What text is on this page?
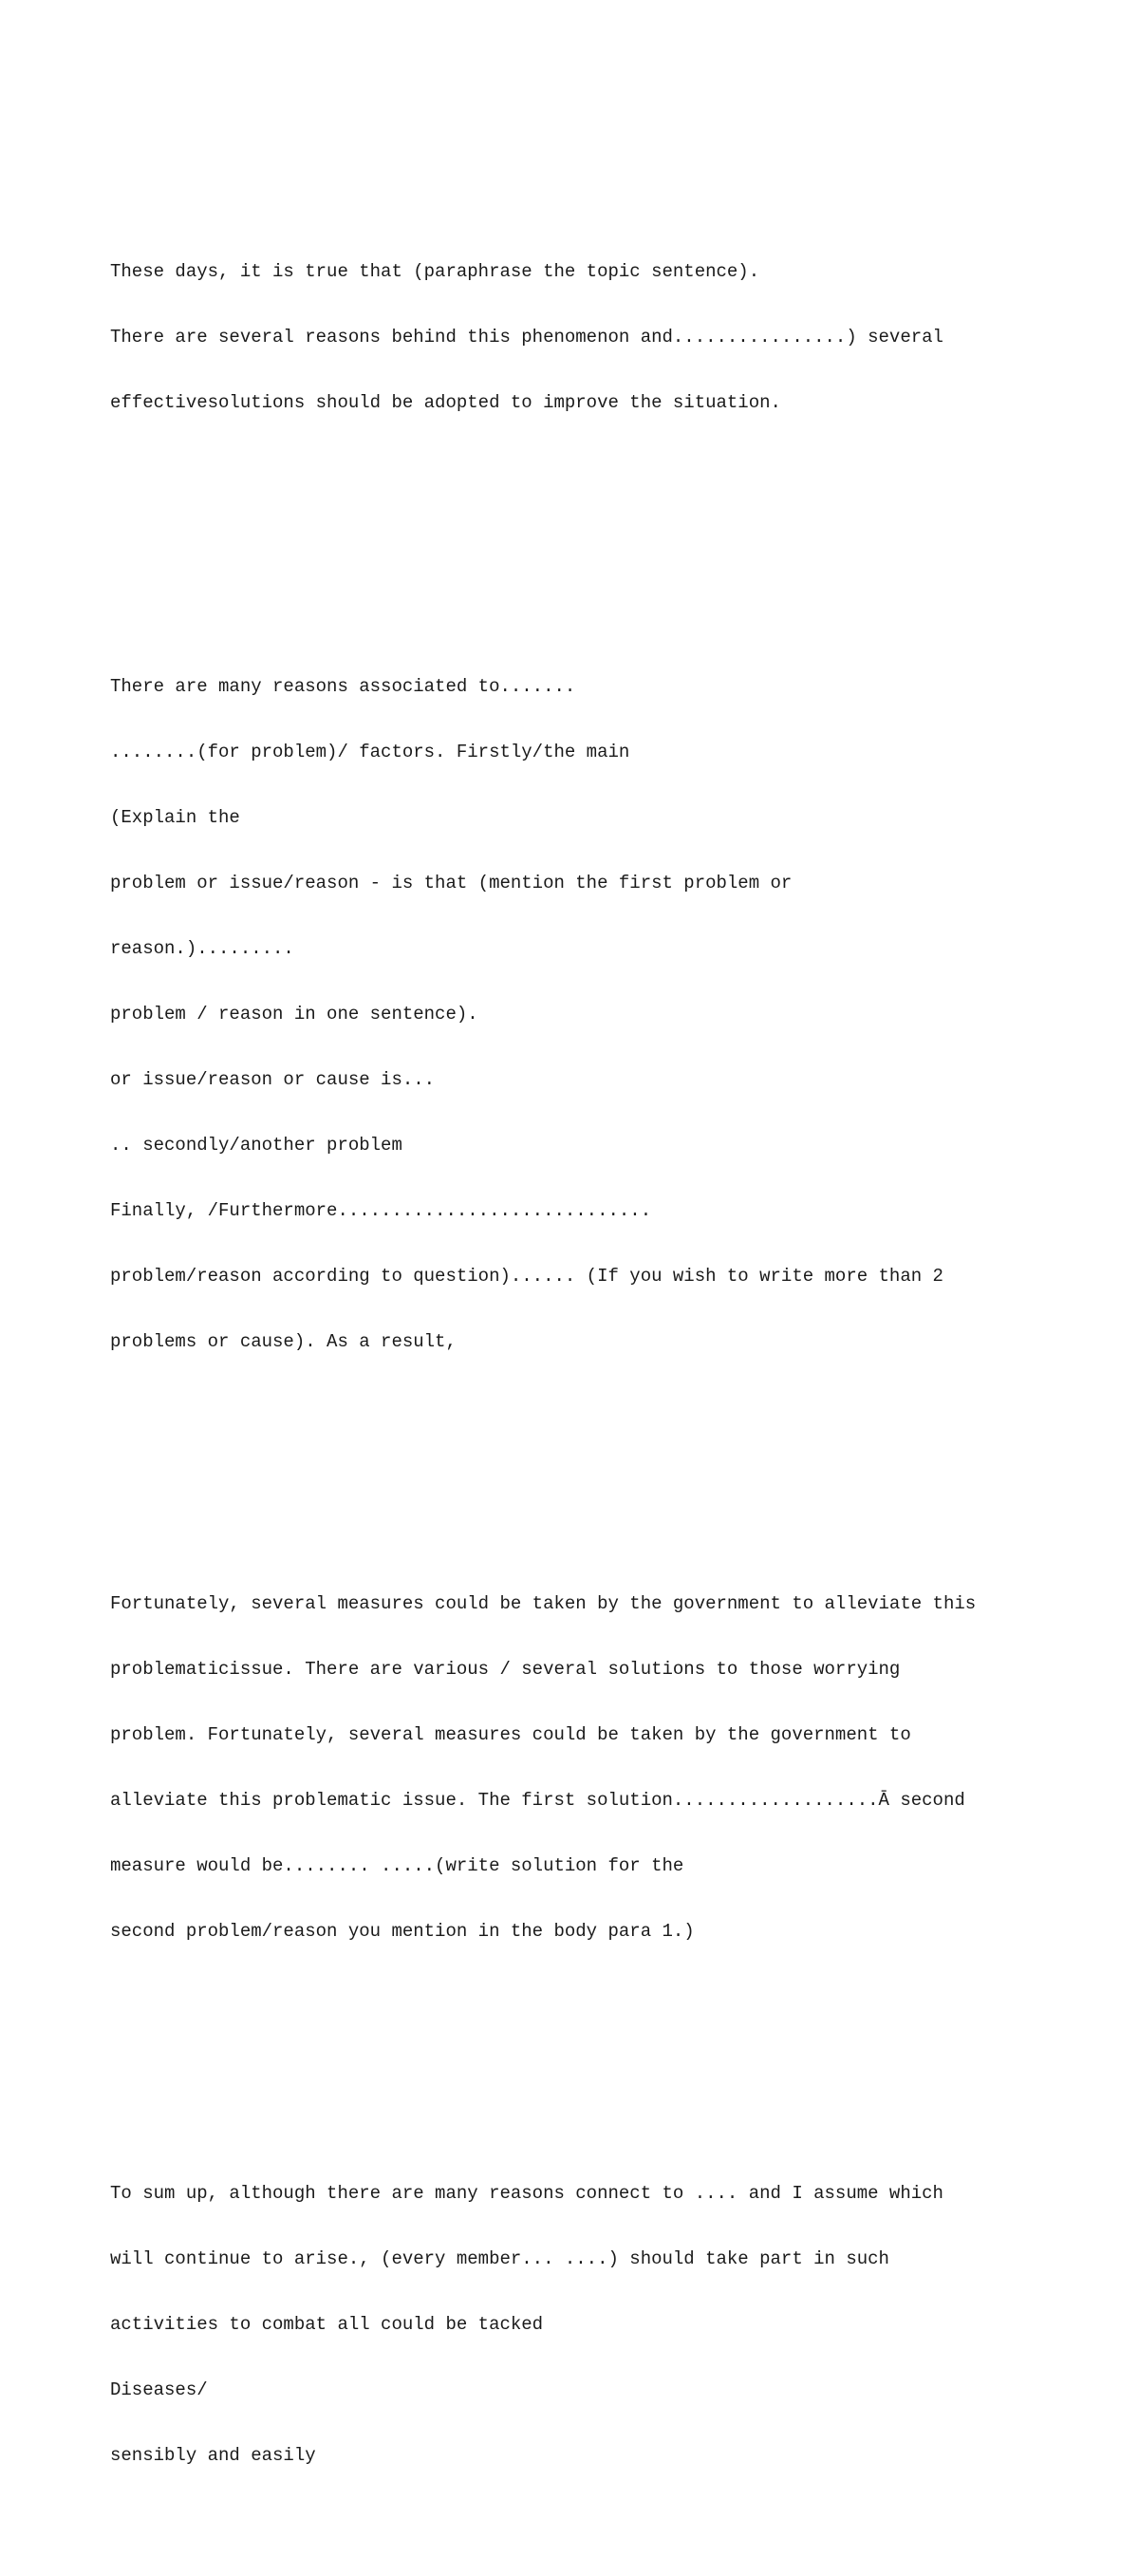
These days, it is true that (paraphrase the topic sentence).

There are several reasons behind this phenomenon and................) several

effectivesolutions should be adopted to improve the situation.

There are many reasons associated to.......

........(for problem)/ factors. Firstly/the main

(Explain the

problem or issue/reason - is that (mention the first problem or

reason.).........

problem / reason in one sentence).

or issue/reason or cause is...

.. secondly/another problem

Finally, /Furthermore.............................

problem/reason according to question)...... (If you wish to write more than 2

problems or cause). As a result,

Fortunately, several measures could be taken by the government to alleviate this

problematicissue. There are various / several solutions to those worrying

problem. Fortunately, several measures could be taken by the government to

alleviate this problematic issue. The first solution...................Ā second

measure would be........ .....(write solution for the

second problem/reason you mention in the body para 1.)

To sum up, although there are many reasons connect to .... and I assume which

will continue to arise., (every member... ....) should take part in such

activities to combat all could be tacked

Diseases/

sensibly and easily
